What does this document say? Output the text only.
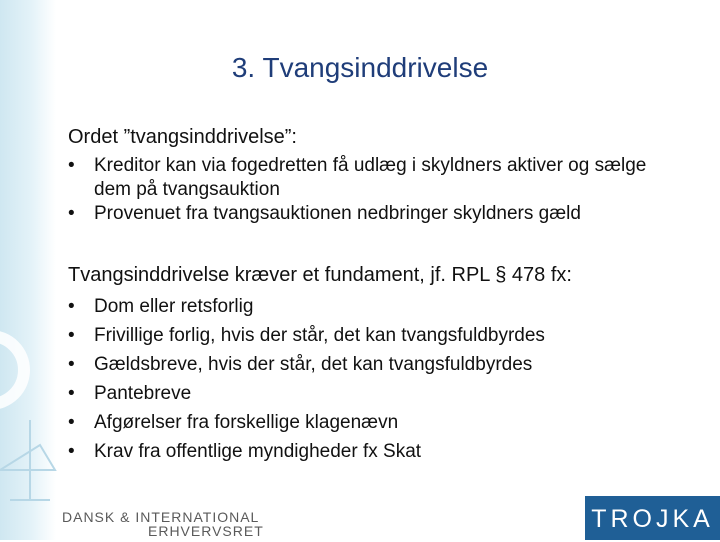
3. Tvangsinddrivelse

Ordet ”tvangsinddrivelse”:

•	Kreditor kan via fogedretten få udlæg i skyldners aktiver og sælge dem på tvangsauktion
•	Provenuet fra tvangsauktionen nedbringer skyldners gæld

Tvangsinddrivelse kræver et fundament, jf. RPL § 478 fx:

•	Dom eller retsforlig
•	Frivillige forlig, hvis der står, det kan tvangsfuldbyrdes
•	Gældsbreve, hvis der står, det kan tvangsfuldbyrdes
•	Pantebreve
•	Afgørelser fra forskellige klagenævn
•	Krav fra offentlige myndigheder fx Skat
DANSK & INTERNATIONAL
ERHVERVSRET	TROJKA
